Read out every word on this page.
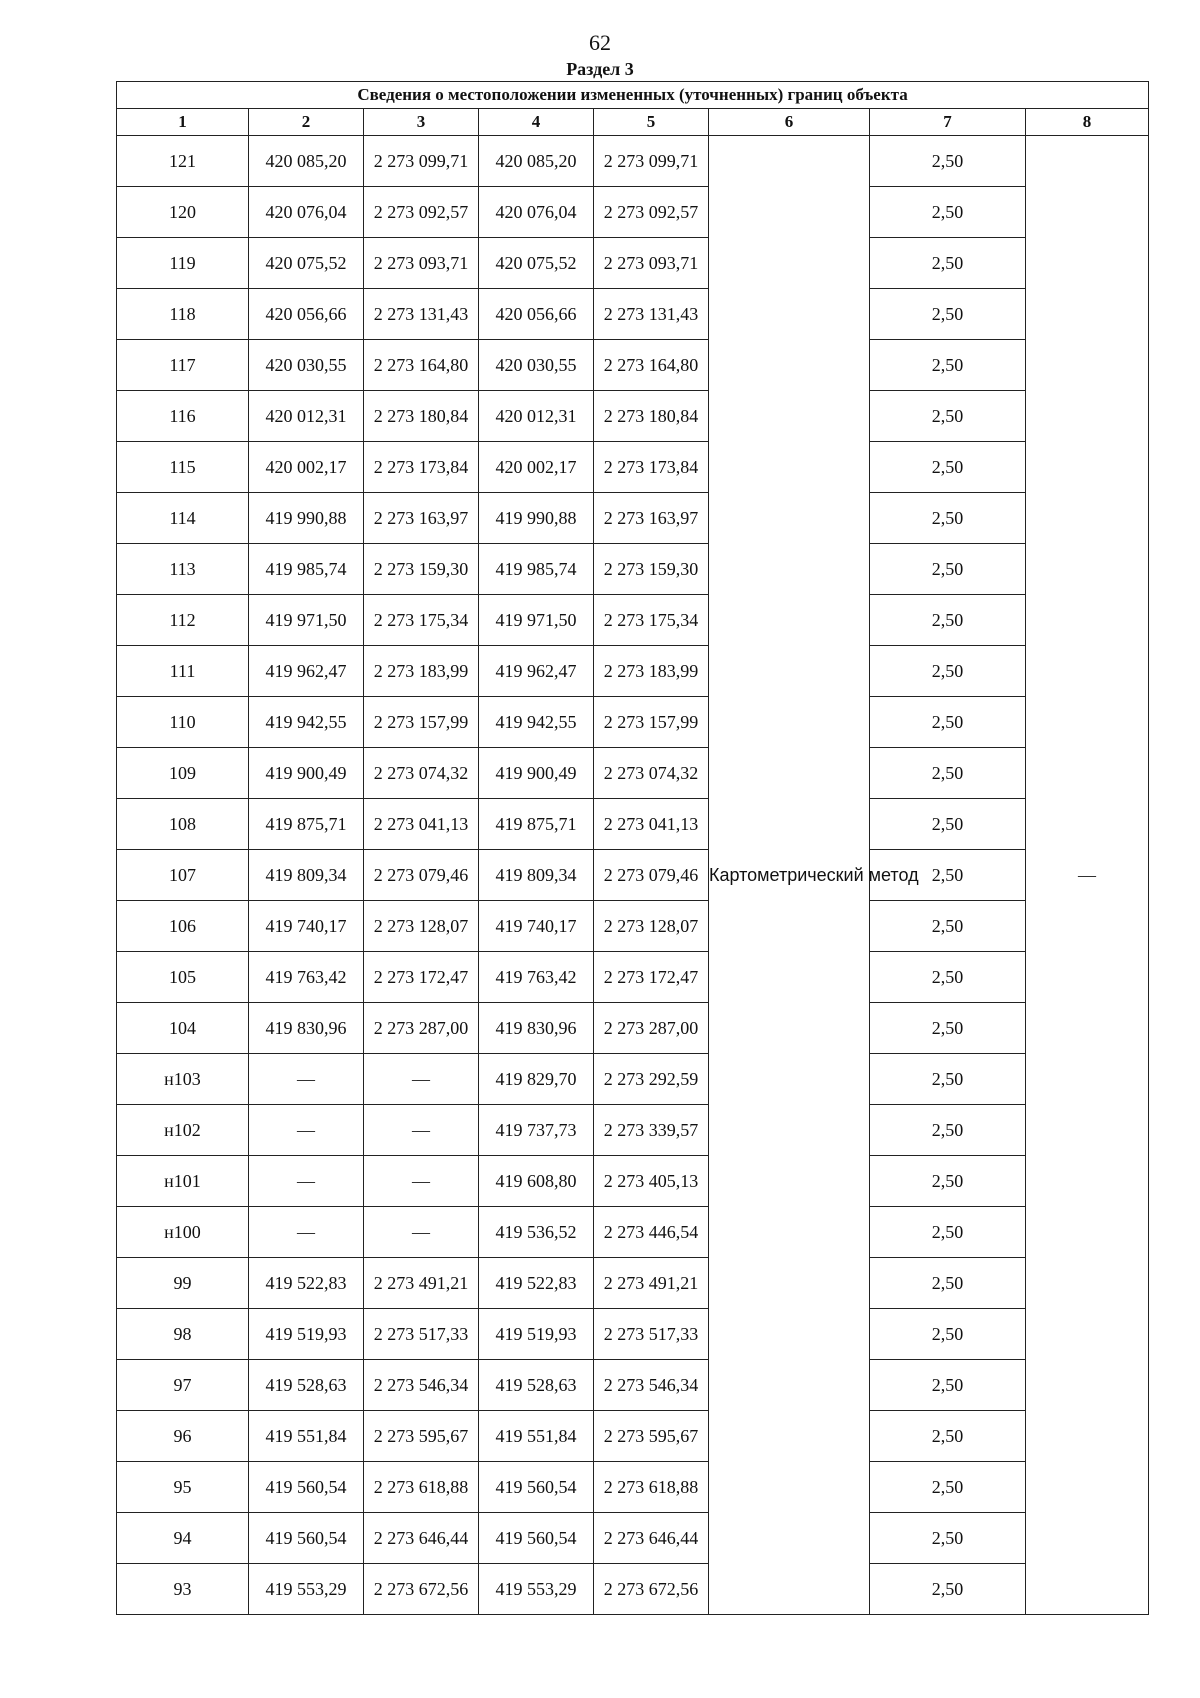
62
Раздел 3
Сведения о местоположении измененных (уточненных) границ объекта							
1	2	3	4	5	6	7	8
121	420 085,20	2 273 099,71	420 085,20	2 273 099,71	Картометрический метод	2,50	—
120	420 076,04	2 273 092,57	420 076,04	2 273 092,57		2,50	
119	420 075,52	2 273 093,71	420 075,52	2 273 093,71		2,50	
118	420 056,66	2 273 131,43	420 056,66	2 273 131,43		2,50	
117	420 030,55	2 273 164,80	420 030,55	2 273 164,80		2,50	
116	420 012,31	2 273 180,84	420 012,31	2 273 180,84		2,50	
115	420 002,17	2 273 173,84	420 002,17	2 273 173,84		2,50	
114	419 990,88	2 273 163,97	419 990,88	2 273 163,97		2,50	
113	419 985,74	2 273 159,30	419 985,74	2 273 159,30		2,50	
112	419 971,50	2 273 175,34	419 971,50	2 273 175,34		2,50	
111	419 962,47	2 273 183,99	419 962,47	2 273 183,99		2,50	
110	419 942,55	2 273 157,99	419 942,55	2 273 157,99		2,50	
109	419 900,49	2 273 074,32	419 900,49	2 273 074,32		2,50	
108	419 875,71	2 273 041,13	419 875,71	2 273 041,13		2,50	
107	419 809,34	2 273 079,46	419 809,34	2 273 079,46		2,50	
106	419 740,17	2 273 128,07	419 740,17	2 273 128,07		2,50	
105	419 763,42	2 273 172,47	419 763,42	2 273 172,47		2,50	
104	419 830,96	2 273 287,00	419 830,96	2 273 287,00		2,50	
н103	—	—	419 829,70	2 273 292,59		2,50	
н102	—	—	419 737,73	2 273 339,57		2,50	
н101	—	—	419 608,80	2 273 405,13		2,50	
н100	—	—	419 536,52	2 273 446,54		2,50	
99	419 522,83	2 273 491,21	419 522,83	2 273 491,21		2,50	
98	419 519,93	2 273 517,33	419 519,93	2 273 517,33		2,50	
97	419 528,63	2 273 546,34	419 528,63	2 273 546,34		2,50	
96	419 551,84	2 273 595,67	419 551,84	2 273 595,67		2,50	
95	419 560,54	2 273 618,88	419 560,54	2 273 618,88		2,50	
94	419 560,54	2 273 646,44	419 560,54	2 273 646,44		2,50	
93	419 553,29	2 273 672,56	419 553,29	2 273 672,56		2,50	
